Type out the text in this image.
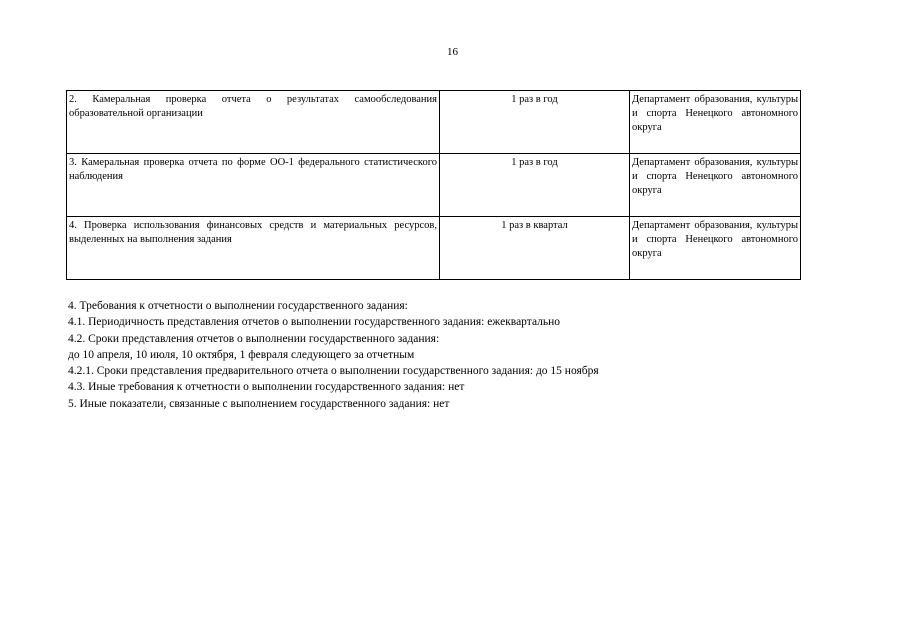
16
2. Камеральная проверка отчета о результатах самообследования образовательной организации	1 раз в год	Департамент образования, культуры и спорта Ненецкого автономного округа
3. Камеральная проверка отчета по форме ОО-1 федерального статистического наблюдения	1 раз в год	Департамент образования, культуры и спорта Ненецкого автономного округа
4. Проверка использования финансовых средств и материальных ресурсов, выделенных на выполнения задания	1 раз в квартал	Департамент образования, культуры и спорта Ненецкого автономного округа
4. Требования к отчетности о выполнении государственного задания:
4.1. Периодичность представления отчетов о выполнении государственного задания: ежеквартально
4.2. Сроки представления отчетов о выполнении государственного задания:
до 10 апреля, 10 июля, 10 октября, 1 февраля следующего за отчетным
4.2.1. Сроки представления предварительного отчета о выполнении государственного задания: до 15 ноября
4.3. Иные требования к отчетности о выполнении государственного задания: нет
5. Иные показатели, связанные с выполнением государственного задания: нет
